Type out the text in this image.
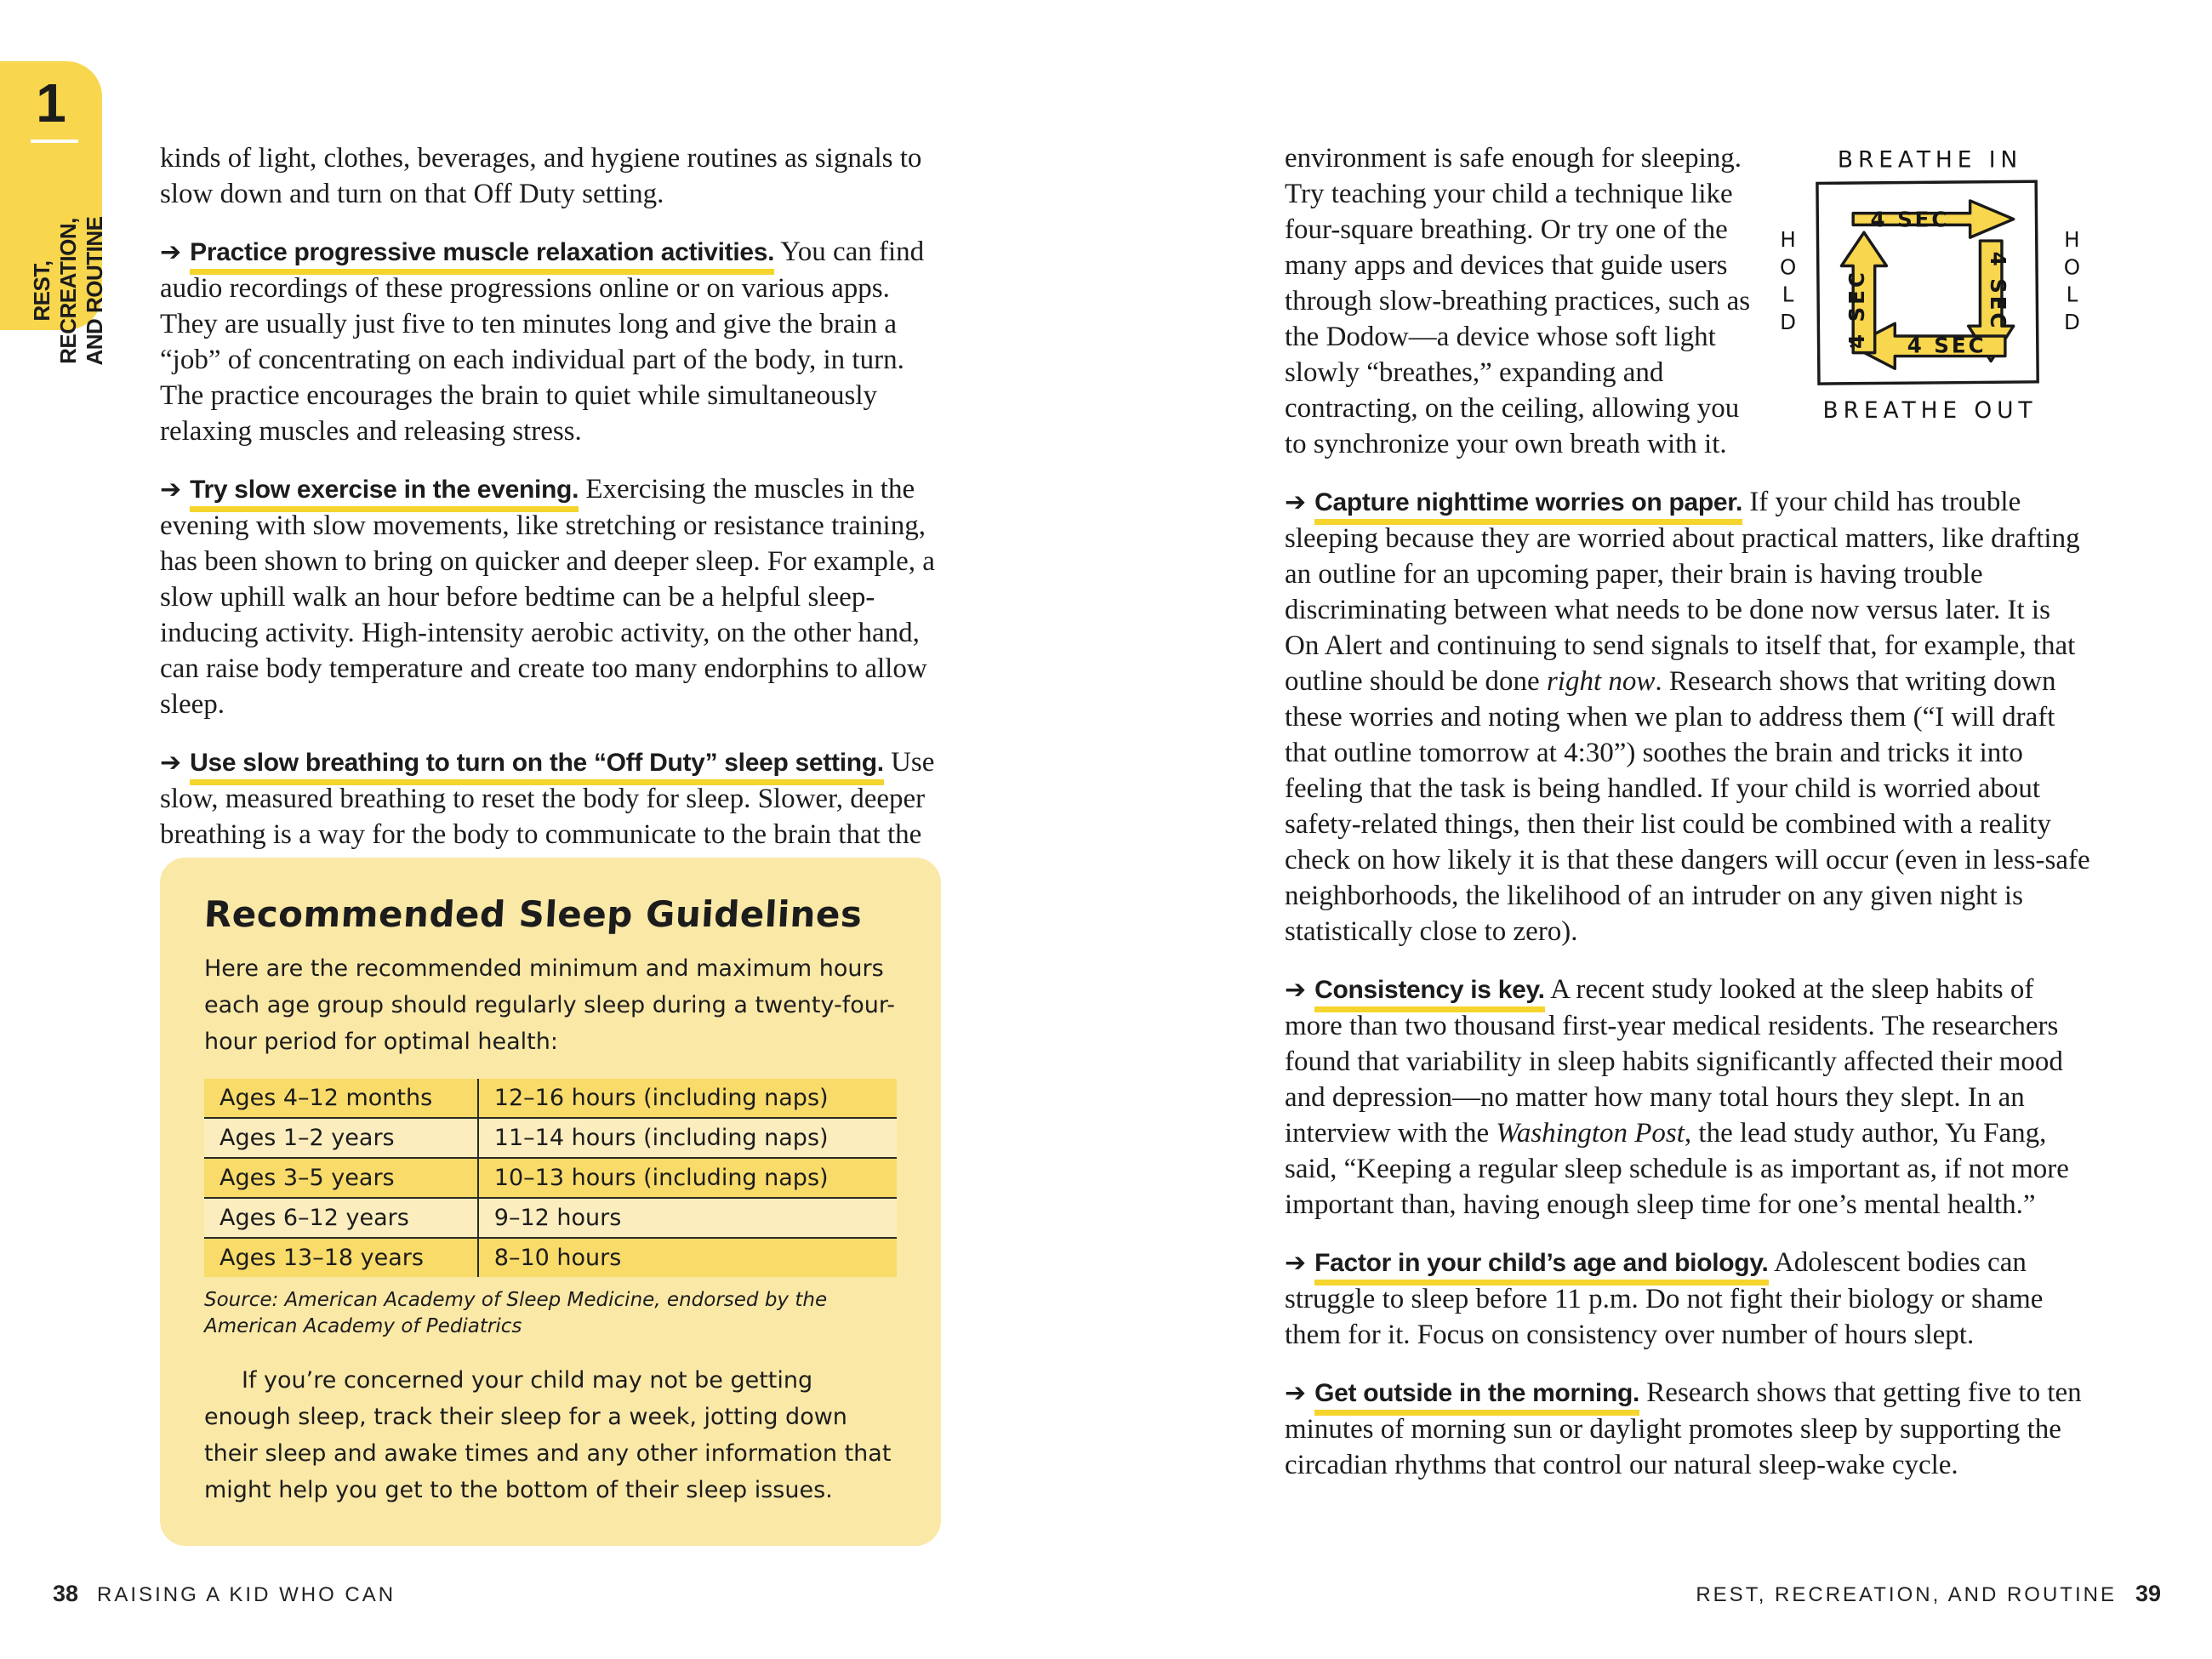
1
REST, RECREATION, AND ROUTINE

kinds of light, clothes, beverages, and hygiene routines as signals to slow down and turn on that Off Duty setting.

➔ Practice progressive muscle relaxation activities. You can find audio recordings of these progressions online or on various apps. They are usually just five to ten minutes long and give the brain a “job” of concentrating on each individual part of the body, in turn. The practice encourages the brain to quiet while simultaneously relaxing muscles and releasing stress.

➔ Try slow exercise in the evening. Exercising the muscles in the evening with slow movements, like stretching or resistance training, has been shown to bring on quicker and deeper sleep. For example, a slow uphill walk an hour before bedtime can be a helpful sleep-inducing activity. High-intensity aerobic activity, on the other hand, can raise body temperature and create too many endorphins to allow sleep.

➔ Use slow breathing to turn on the “Off Duty” sleep setting. Use slow, measured breathing to reset the body for sleep. Slower, deeper breathing is a way for the body to communicate to the brain that the

Recommended Sleep Guidelines

Here are the recommended minimum and maximum hours each age group should regularly sleep during a twenty-four-hour period for optimal health:

Ages 4–12 months	12–16 hours (including naps)
Ages 1–2 years	11–14 hours (including naps)
Ages 3–5 years	10–13 hours (including naps)
Ages 6–12 years	9–12 hours
Ages 13–18 years	8–10 hours

Source: American Academy of Sleep Medicine, endorsed by the American Academy of Pediatrics

If you’re concerned your child may not be getting enough sleep, track their sleep for a week, jotting down their sleep and awake times and any other information that might help you get to the bottom of their sleep issues.

BREATHE IN
4 SEC
4 SEC
4 SEC
4 SEC
H
O
L
D
H
O
L
D
BREATHE OUT
environment is safe enough for sleeping. Try teaching your child a technique like four-square breathing. Or try one of the many apps and devices that guide users through slow-breathing practices, such as the Dodow—a device whose soft light slowly “breathes,” expanding and contracting, on the ceiling, allowing you to synchronize your own breath with it.

➔ Capture nighttime worries on paper. If your child has trouble sleeping because they are worried about practical matters, like drafting an outline for an upcoming paper, their brain is having trouble discriminating between what needs to be done now versus later. It is On Alert and continuing to send signals to itself that, for example, that outline should be done right now. Research shows that writing down these worries and noting when we plan to address them (“I will draft that outline tomorrow at 4:30”) soothes the brain and tricks it into feeling that the task is being handled. If your child is worried about safety-related things, then their list could be combined with a reality check on how likely it is that these dangers will occur (even in less-safe neighborhoods, the likelihood of an intruder on any given night is statistically close to zero).

➔ Consistency is key. A recent study looked at the sleep habits of more than two thousand first-year medical residents. The researchers found that variability in sleep habits significantly affected their mood and depression—no matter how many total hours they slept. In an interview with the Washington Post, the lead study author, Yu Fang, said, “Keeping a regular sleep schedule is as important as, if not more important than, having enough sleep time for one’s mental health.”

➔ Factor in your child’s age and biology. Adolescent bodies can struggle to sleep before 11 p.m. Do not fight their biology or shame them for it. Focus on consistency over number of hours slept.

➔ Get outside in the morning. Research shows that getting five to ten minutes of morning sun or daylight promotes sleep by supporting the circadian rhythms that control our natural sleep-wake cycle.

38 RAISING A KID WHO CAN	REST, RECREATION, AND ROUTINE 39
